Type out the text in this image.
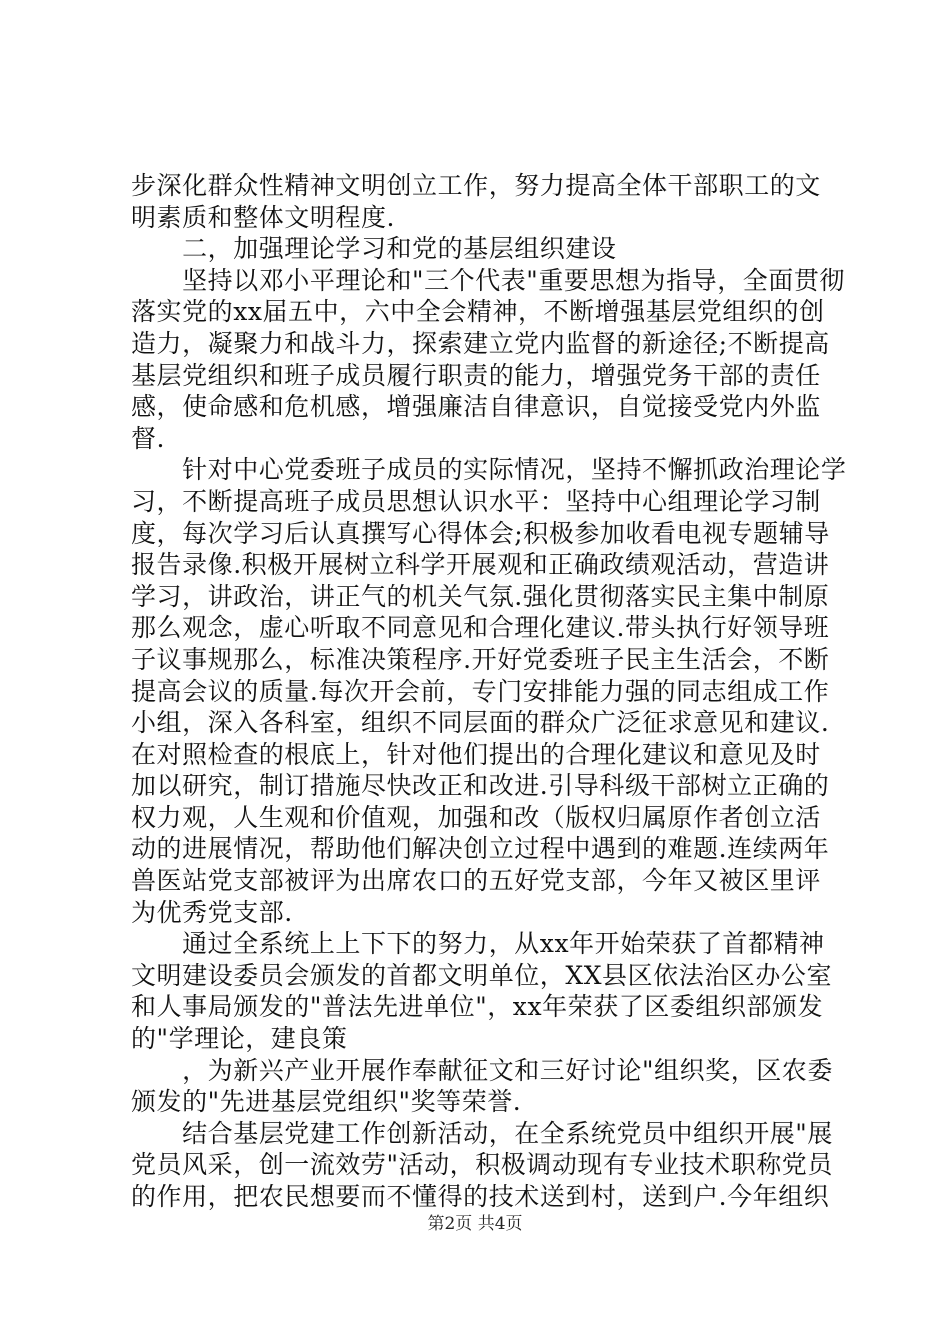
步深化群众性精神文明创立工作，努力提高全体干部职工的文
明素质和整体文明程度.
　　二，加强理论学习和党的基层组织建设
　　坚持以邓小平理论和"三个代表"重要思想为指导，全面贯彻
落实党的xx届五中，六中全会精神，不断增强基层党组织的创
造力，凝聚力和战斗力，探索建立党内监督的新途径;不断提高
基层党组织和班子成员履行职责的能力，增强党务干部的责任
感，使命感和危机感，增强廉洁自律意识，自觉接受党内外监
督.
　　针对中心党委班子成员的实际情况，坚持不懈抓政治理论学
习，不断提高班子成员思想认识水平：坚持中心组理论学习制
度，每次学习后认真撰写心得体会;积极参加收看电视专题辅导
报告录像.积极开展树立科学开展观和正确政绩观活动，营造讲
学习，讲政治，讲正气的机关气氛.强化贯彻落实民主集中制原
那么观念，虚心听取不同意见和合理化建议.带头执行好领导班
子议事规那么，标准决策程序.开好党委班子民主生活会，不断
提高会议的质量.每次开会前，专门安排能力强的同志组成工作
小组，深入各科室，组织不同层面的群众广泛征求意见和建议.
在对照检查的根底上，针对他们提出的合理化建议和意见及时
加以研究，制订措施尽快改正和改进.引导科级干部树立正确的
权力观，人生观和价值观，加强和改（版权归属原作者创立活
动的进展情况，帮助他们解决创立过程中遇到的难题.连续两年
兽医站党支部被评为出席农口的五好党支部，今年又被区里评
为优秀党支部.
　　通过全系统上上下下的努力，从xx年开始荣获了首都精神
文明建设委员会颁发的首都文明单位，XX县区依法治区办公室
和人事局颁发的"普法先进单位"，xx年荣获了区委组织部颁发
的"学理论，建良策
　　，为新兴产业开展作奉献征文和三好讨论"组织奖，区农委
颁发的"先进基层党组织"奖等荣誉.
　　结合基层党建工作创新活动，在全系统党员中组织开展"展
党员风采，创一流效劳"活动，积极调动现有专业技术职称党员
的作用，把农民想要而不懂得的技术送到村，送到户.今年组织
第2页 共4页
